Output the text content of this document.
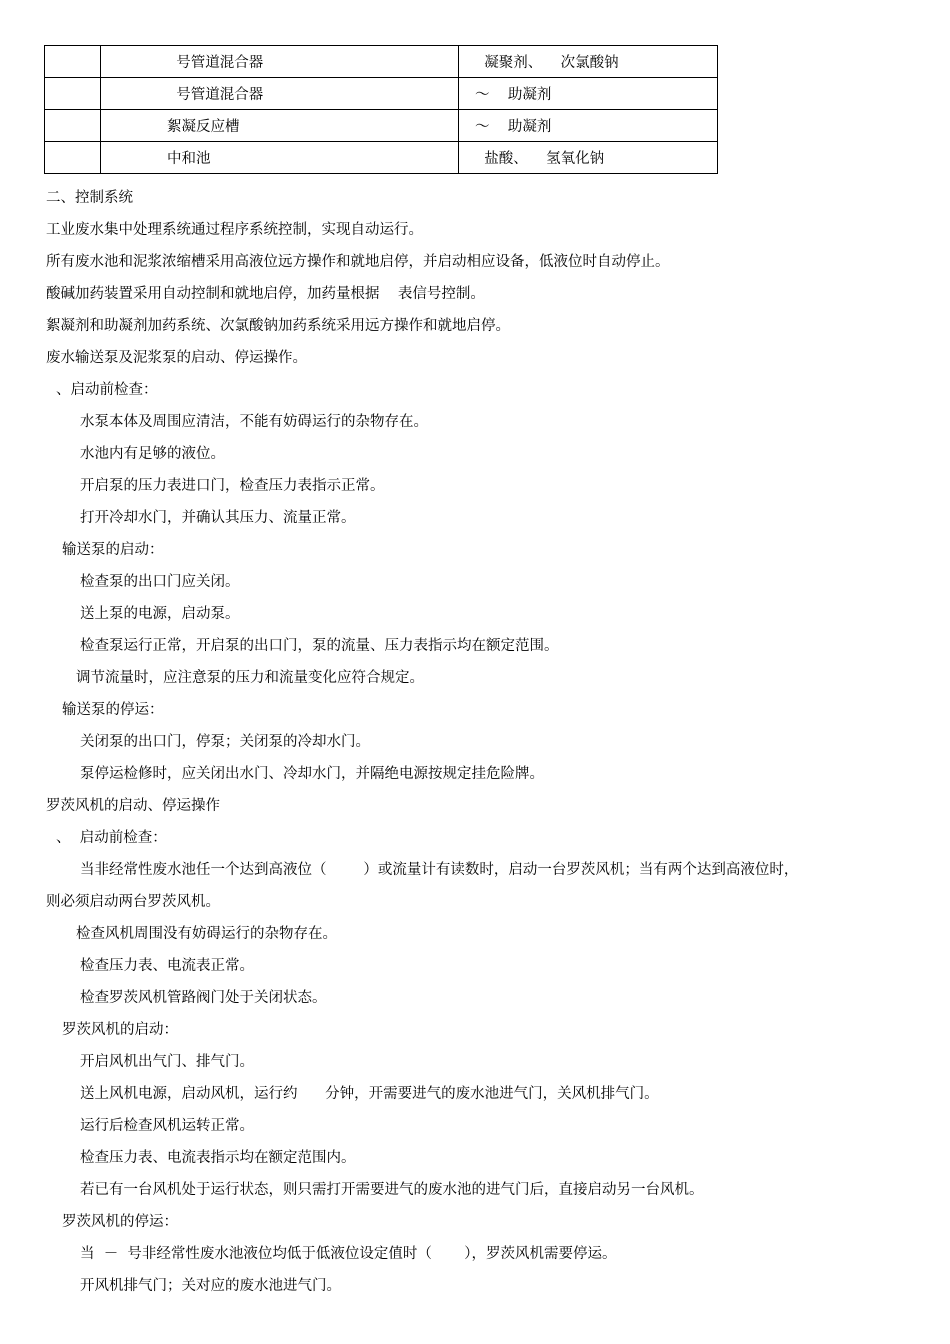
	号管道混合器	凝聚剂、    次氯酸钠
	号管道混合器	～    助凝剂
	絮凝反应槽	～    助凝剂
	中和池	盐酸、    氢氧化钠
二、控制系统
工业废水集中处理系统通过程序系统控制，实现自动运行。
所有废水池和泥浆浓缩槽采用高液位远方操作和就地启停，并启动相应设备，低液位时自动停止。
酸碱加药装置采用自动控制和就地启停，加药量根据    表信号控制。
絮凝剂和助凝剂加药系统、次氯酸钠加药系统采用远方操作和就地启停。
废水输送泵及泥浆泵的启动、停运操作。
、启动前检查：
水泵本体及周围应清洁，不能有妨碍运行的杂物存在。
水池内有足够的液位。
开启泵的压力表进口门，检查压力表指示正常。
打开冷却水门，并确认其压力、流量正常。
输送泵的启动：
检查泵的出口门应关闭。
送上泵的电源，启动泵。
检查泵运行正常，开启泵的出口门，泵的流量、压力表指示均在额定范围。
调节流量时，应注意泵的压力和流量变化应符合规定。
输送泵的停运：
关闭泵的出口门，停泵；关闭泵的冷却水门。
泵停运检修时，应关闭出水门、冷却水门，并隔绝电源按规定挂危险牌。
罗茨风机的启动、停运操作
、  启动前检查：
当非经常性废水池任一个达到高液位（        ）或流量计有读数时，启动一台罗茨风机；当有两个达到高液位时，
则必须启动两台罗茨风机。
检查风机周围没有妨碍运行的杂物存在。
检查压力表、电流表正常。
检查罗茨风机管路阀门处于关闭状态。
罗茨风机的启动：
开启风机出气门、排气门。
送上风机电源，启动风机，运行约      分钟，开需要进气的废水池进气门，关风机排气门。
运行后检查风机运转正常。
检查压力表、电流表指示均在额定范围内。
若已有一台风机处于运行状态，则只需打开需要进气的废水池的进气门后，直接启动另一台风机。
罗茨风机的停运：
当  －  号非经常性废水池液位均低于低液位设定值时（       ），罗茨风机需要停运。
开风机排气门；关对应的废水池进气门。
